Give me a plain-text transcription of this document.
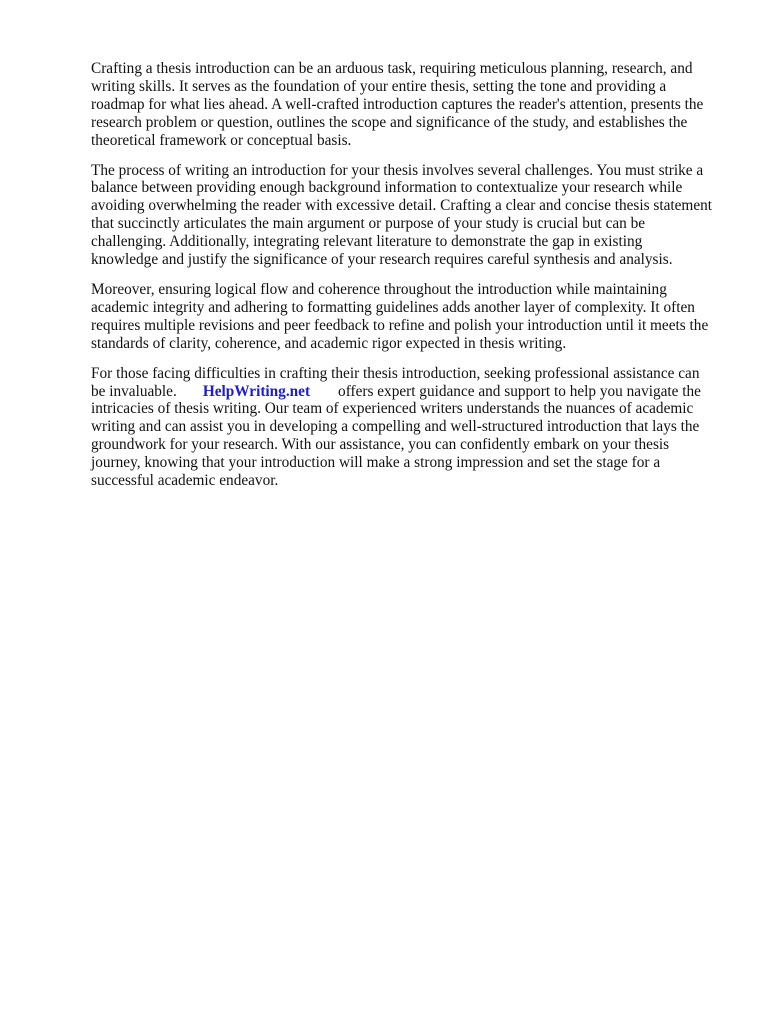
Crafting a thesis introduction can be an arduous task, requiring meticulous planning, research, and
writing skills. It serves as the foundation of your entire thesis, setting the tone and providing a
roadmap for what lies ahead. A well-crafted introduction captures the reader's attention, presents the
research problem or question, outlines the scope and significance of the study, and establishes the
theoretical framework or conceptual basis.

The process of writing an introduction for your thesis involves several challenges. You must strike a
balance between providing enough background information to contextualize your research while
avoiding overwhelming the reader with excessive detail. Crafting a clear and concise thesis statement
that succinctly articulates the main argument or purpose of your study is crucial but can be
challenging. Additionally, integrating relevant literature to demonstrate the gap in existing
knowledge and justify the significance of your research requires careful synthesis and analysis.

Moreover, ensuring logical flow and coherence throughout the introduction while maintaining
academic integrity and adhering to formatting guidelines adds another layer of complexity. It often
requires multiple revisions and peer feedback to refine and polish your introduction until it meets the
standards of clarity, coherence, and academic rigor expected in thesis writing.

For those facing difficulties in crafting their thesis introduction, seeking professional assistance can
be invaluable. HelpWriting.net offers expert guidance and support to help you navigate the
intricacies of thesis writing. Our team of experienced writers understands the nuances of academic
writing and can assist you in developing a compelling and well-structured introduction that lays the
groundwork for your research. With our assistance, you can confidently embark on your thesis
journey, knowing that your introduction will make a strong impression and set the stage for a
successful academic endeavor.
